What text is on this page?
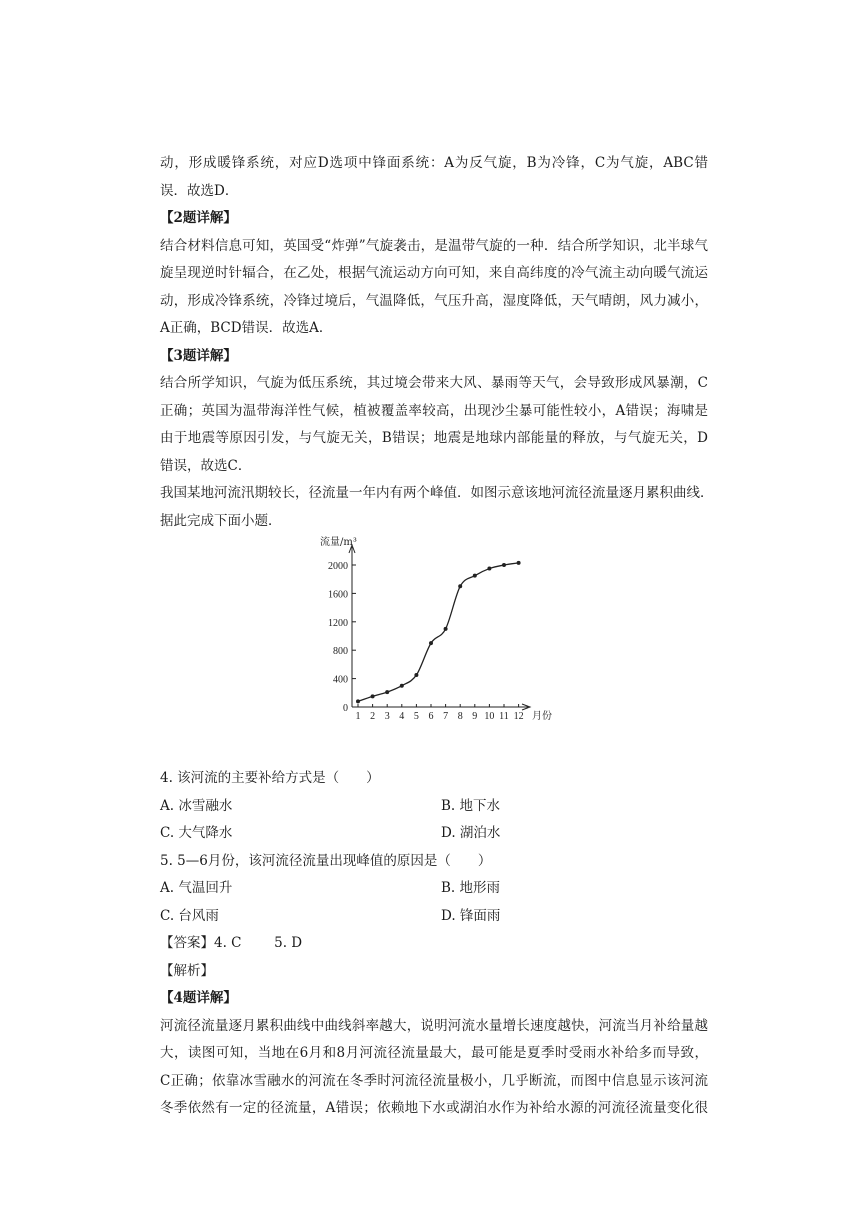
动，形成暖锋系统，对应D选项中锋面系统：A为反气旋，B为冷锋，C为气旋，ABC错
误．故选D．
【2题详解】
结合材料信息可知，英国受“炸弹”气旋袭击，是温带气旋的一种．结合所学知识，北半球气
旋呈现逆时针辐合，在乙处，根据气流运动方向可知，来自高纬度的冷气流主动向暖气流运
动，形成冷锋系统，冷锋过境后，气温降低，气压升高，湿度降低，天气晴朗，风力减小，
A正确，BCD错误．故选A．
【3题详解】
结合所学知识，气旋为低压系统，其过境会带来大风、暴雨等天气，会导致形成风暴潮，C
正确；英国为温带海洋性气候，植被覆盖率较高，出现沙尘暴可能性较小，A错误；海啸是
由于地震等原因引发，与气旋无关，B错误；地震是地球内部能量的释放，与气旋无关，D
错误，故选C．
我国某地河流汛期较长，径流量一年内有两个峰值．如图示意该地河流径流量逐月累积曲线．
据此完成下面小题．
0
400
800
1200
1600
2000
1 2 3 4 5 6 7 8 9 10 11 12
流量/m³
月份
4. 该河流的主要补给方式是（　　）
A. 冰雪融水	B. 地下水
C. 大气降水	D. 湖泊水
5. 5—6月份，该河流径流量出现峰值的原因是（　　）
A. 气温回升	B. 地形雨
C. 台风雨	D. 锋面雨
【答案】4. C 5. D
【解析】
【4题详解】
河流径流量逐月累积曲线中曲线斜率越大，说明河流水量增长速度越快，河流当月补给量越
大，读图可知，当地在6月和8月河流径流量最大，最可能是夏季时受雨水补给多而导致，
C正确；依靠冰雪融水的河流在冬季时河流径流量极小，几乎断流，而图中信息显示该河流
冬季依然有一定的径流量，A错误；依赖地下水或湖泊水作为补给水源的河流径流量变化很
